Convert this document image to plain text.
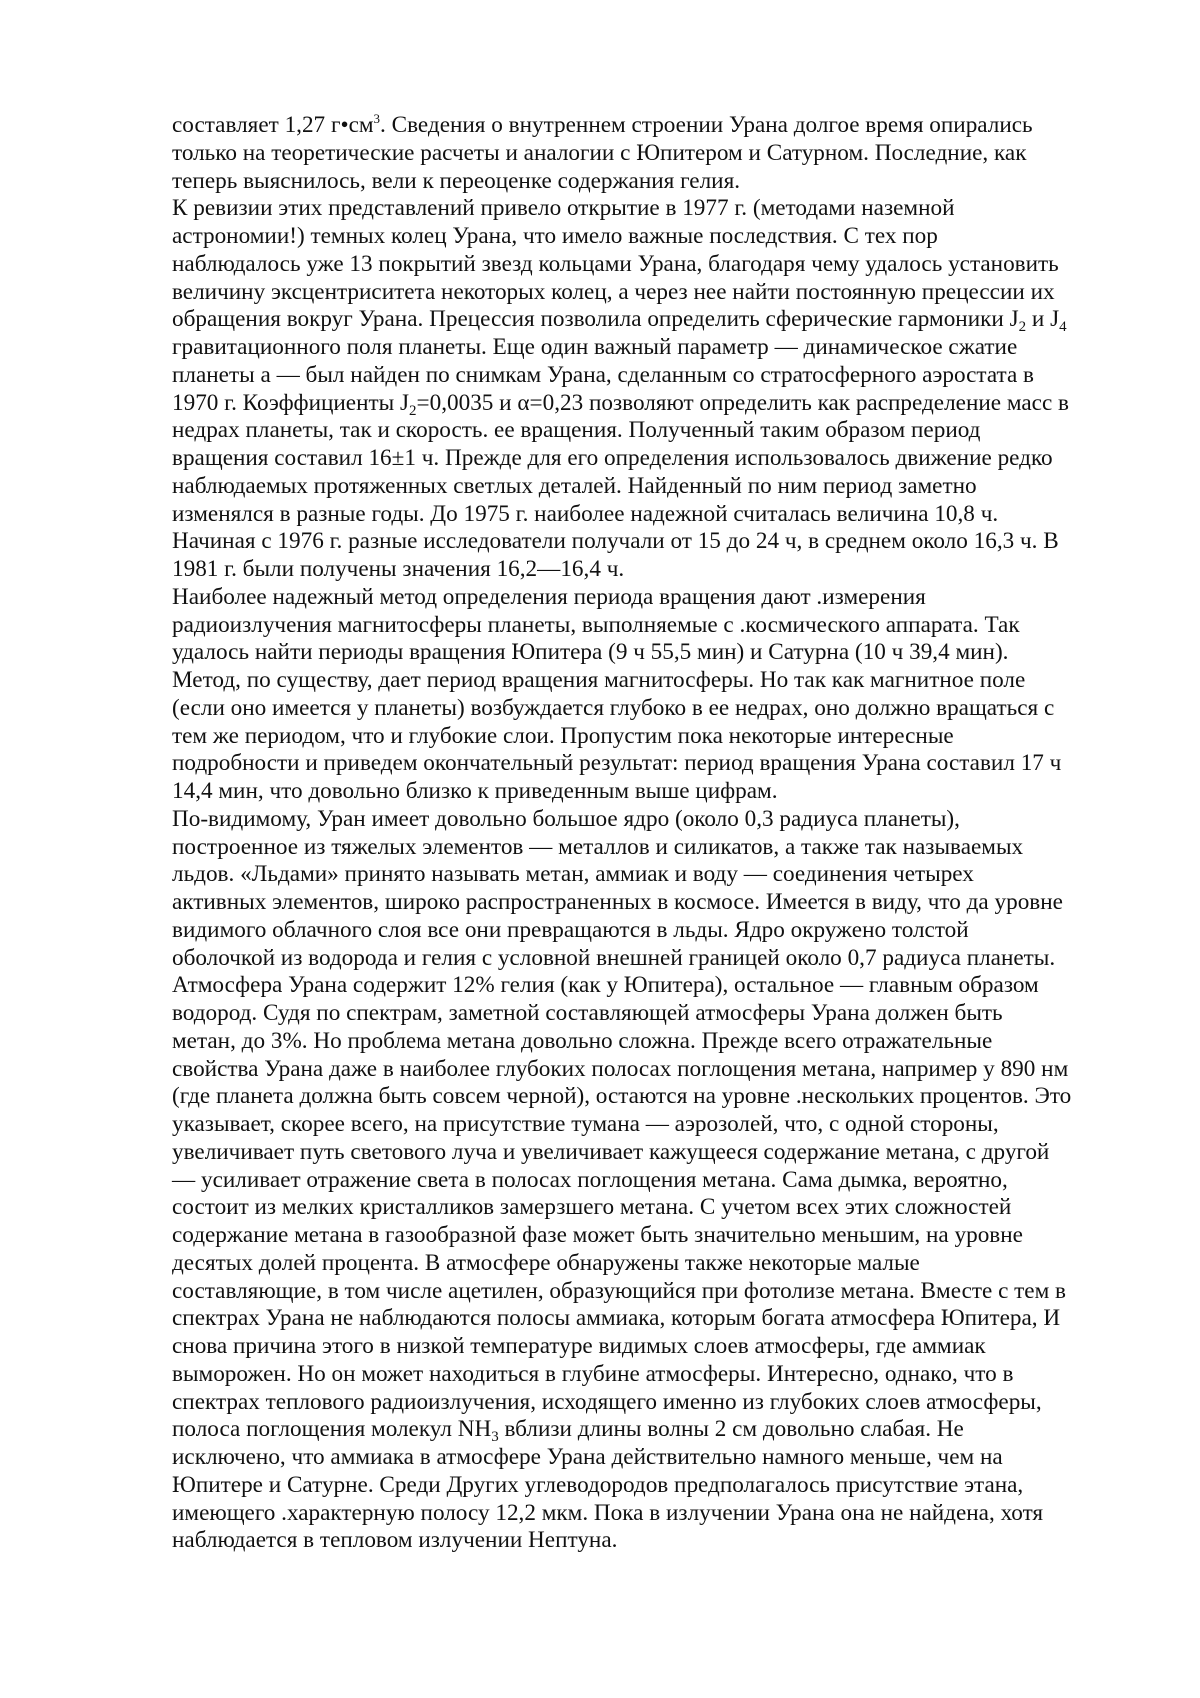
составляет 1,27 $г•см^3$. Сведения о внутреннем строении Урана долгое время опирались
только на теоретические расчеты и аналогии с Юпитером и Сатурном. Последние, как
теперь выяснилось, вели к переоценке содержания гелия.
К ревизии этих представлений привело открытие в 1977 г. (методами наземной
астрономии!) темных колец Урана, что имело важные последствия. С тех пор
наблюдалось уже 13 покрытий звезд кольцами Урана, благодаря чему удалось установить
величину эксцентриситета некоторых колец, а через нее найти постоянную прецессии их
обращения вокруг Урана. Прецессия позволила определить сферические гармоники $J_2$ и $J_4$
гравитационного поля планеты. Еще один важный параметр — динамическое сжатие
планеты а — был найден по снимкам Урана, сделанным со стратосферного аэростата в
1970 г. Коэффициенты $J_2=0,0035$ и α=0,23 позволяют определить как распределение масс в
недрах планеты, так и скорость. ее вращения. Полученный таким образом период
вращения составил 16±1 ч. Прежде для его определения использовалось движение редко
наблюдаемых протяженных светлых деталей. Найденный по ним период заметно
изменялся в разные годы. До 1975 г. наиболее надежной считалась величина 10,8 ч.
Начиная с 1976 г. разные исследователи получали от 15 до 24 ч, в среднем около 16,3 ч. В
1981 г. были получены значения 16,2—16,4 ч.
Наиболее надежный метод определения периода вращения дают .измерения
радиоизлучения магнитосферы планеты, выполняемые с .космического аппарата. Так
удалось найти периоды вращения Юпитера (9 ч 55,5 мин) и Сатурна (10 ч 39,4 мин).
Метод, по существу, дает период вращения магнитосферы. Но так как магнитное поле
(если оно имеется у планеты) возбуждается глубоко в ее недрах, оно должно вращаться с
тем же периодом, что и глубокие слои. Пропустим пока некоторые интересные
подробности и приведем окончательный результат: период вращения Урана составил 17 ч
14,4 мин, что довольно близко к приведенным выше цифрам.
По-видимому, Уран имеет довольно большое ядро (около 0,3 радиуса планеты),
построенное из тяжелых элементов — металлов и силикатов, а также так называемых
льдов. «Льдами» принято называть метан, аммиак и воду — соединения четырех
активных элементов, широко распространенных в космосе. Имеется в виду, что да уровне
видимого облачного слоя все они превращаются в льды. Ядро окружено толстой
оболочкой из водорода и гелия с условной внешней границей около 0,7 радиуса планеты.
Атмосфера Урана содержит 12% гелия (как у Юпитера), остальное — главным образом
водород. Судя по спектрам, заметной составляющей атмосферы Урана должен быть
метан, до 3%. Но проблема метана довольно сложна. Прежде всего отражательные
свойства Урана даже в наиболее глубоких полосах поглощения метана, например у 890 нм
(где планета должна быть совсем черной), остаются на уровне .нескольких процентов. Это
указывает, скорее всего, на присутствие тумана — аэрозолей, что, с одной стороны,
увеличивает путь светового луча и увеличивает кажущееся содержание метана, с другой
— усиливает отражение света в полосах поглощения метана. Сама дымка, вероятно,
состоит из мелких кристалликов замерзшего метана. С учетом всех этих сложностей
содержание метана в газообразной фазе может быть значительно меньшим, на уровне
десятых долей процента. В атмосфере обнаружены также некоторые малые
составляющие, в том числе ацетилен, образующийся при фотолизе метана. Вместе с тем в
спектрах Урана не наблюдаются полосы аммиака, которым богата атмосфера Юпитера, И
снова причина этого в низкой температуре видимых слоев атмосферы, где аммиак
выморожен. Но он может находиться в глубине атмосферы. Интересно, однако, что в
спектрах теплового радиоизлучения, исходящего именно из глубоких слоев атмосферы,
полоса поглощения молекул $NH_3$ вблизи длины волны 2 см довольно слабая. Не
исключено, что аммиака в атмосфере Урана действительно намного меньше, чем на
Юпитере и Сатурне. Среди Других углеводородов предполагалось присутствие этана,
имеющего .характерную полосу 12,2 мкм. Пока в излучении Урана она не найдена, хотя
наблюдается в тепловом излучении Нептуна.
